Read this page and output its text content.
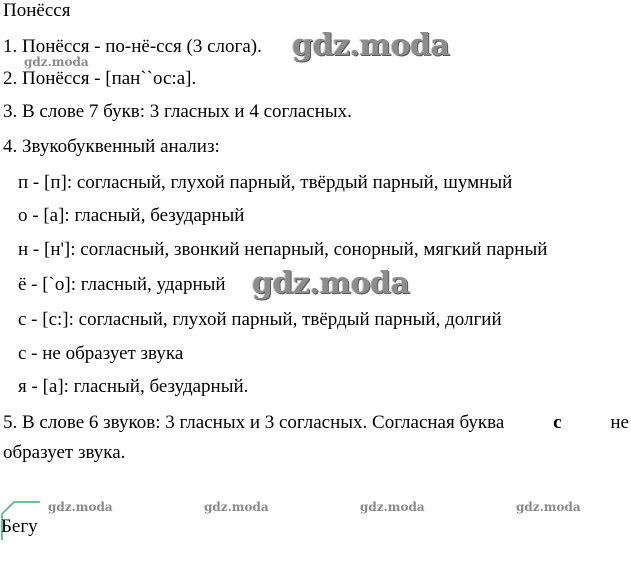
Понёсся
1. Понёсся - по-нё-сся (3 слога).
2. Понёсся - [пан``ос:а].
3. В слове 7 букв: 3 гласных и 4 согласных.
4. Звукобуквенный анализ:
п - [п]: согласный, глухой парный, твёрдый парный, шумный
о - [а]: гласный, безударный
н - [н']: согласный, звонкий непарный, сонорный, мягкий парный
ё - [`о]: гласный, ударный
с - [с:]: согласный, глухой парный, твёрдый парный, долгий
с - не образует звука
я - [а]: гласный, безударный.
5. В слове 6 звуков: 3 гласных и 3 согласных. Согласная буква	с	не
образует звука.
gdz.moda
gdz.moda
gdz.moda
gdz.moda	gdz.moda	gdz.moda	gdz.moda
Бегу
